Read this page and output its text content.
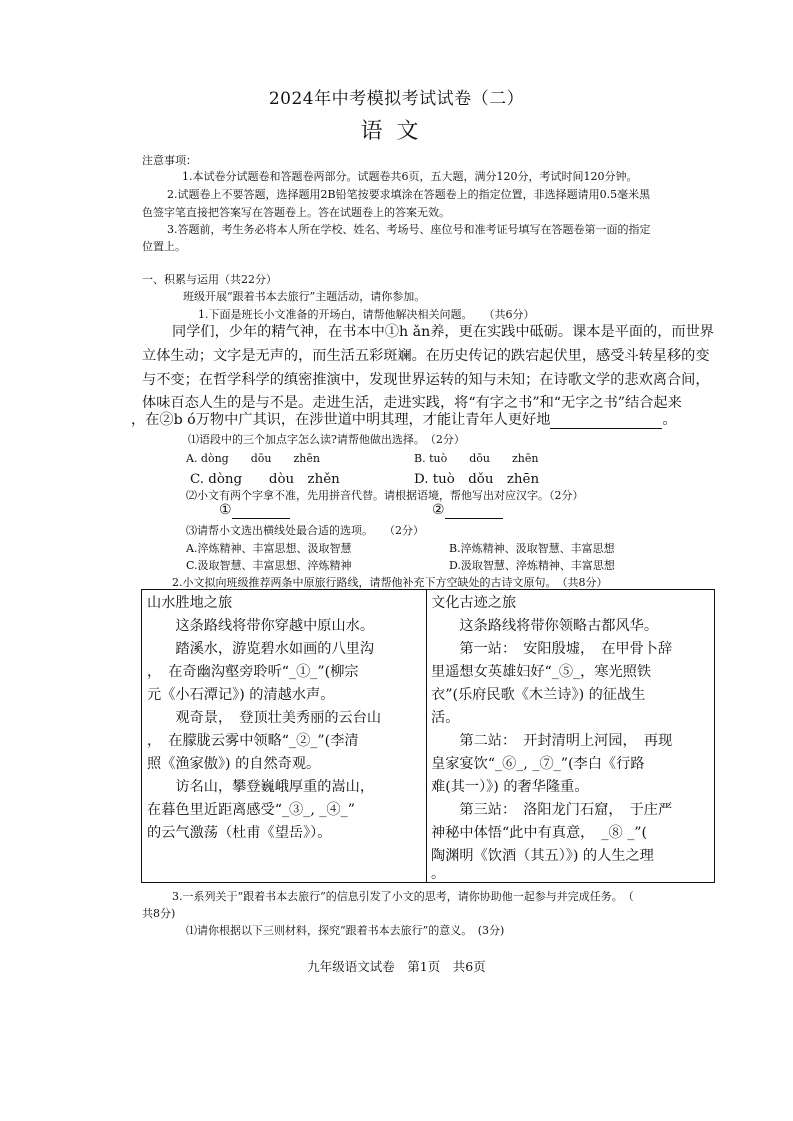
2024年中考模拟考试试卷（二）
语文
注意事项：
1.本试卷分试题卷和答题卷两部分。试题卷共6页，五大题，满分120分，考试时间120分钟。
2.试题卷上不要答题，选择题用2B铅笔按要求填涂在答题卷上的指定位置，非选择题请用0.5毫米黑
色签字笔直接把答案写在答题卷上。答在试题卷上的答案无效。
3.答题前，考生务必将本人所在学校、姓名、考场号、座位号和准考证号填写在答题卷第一面的指定
位置上。
一、积累与运用（共22分）
班级开展“跟着书本去旅行”主题活动，请你参加。
1.下面是班长小文准备的开场白，请帮他解决相关问题。　　（共6分）
同学们，少年的精气神，在书本中①h ǎn养，更在实践中砥砺。课本是平面的，而世界
立体生动；文字是无声的，而生活五彩斑斓。在历史传记的跌宕起伏里，感受斗转星移的变
与不变；在哲学科学的缜密推演中，发现世界运转的知与未知；在诗歌文学的悲欢离合间，
体味百态人生的是与不是。走进生活，走进实践，将“有字之书”和“无字之书”结合起来
，在②b ó万物中广其识，在涉世道中明其理，才能让青年人更好地	。
⑴语段中的三个加点字怎么读?请帮他做出选择。　（2分）
A. dòng　　dōu　　zhēn	B. tuò　　dōu　　zhēn
C. dòng　　dòu　zhěn	D. tuò　dǒu　zhēn
⑵小文有两个字拿不准，先用拼音代替。请根据语境，帮他写出对应汉字。（2分）
①	②
⑶请帮小文选出横线处最合适的选项。　　（2分）
A.淬炼精神、丰富思想、汲取智慧	B.淬炼精神、汲取智慧、丰富思想
C.汲取智慧、丰富思想、淬炼精神	D.汲取智慧、淬炼精神、丰富思想
2.小文拟向班级推荐两条中原旅行路线，请帮他补充下方空缺处的古诗文原句。　（共8分）
山水胜地之旅
　　这条路线将带你穿越中原山水。
　　踏溪水，游览碧水如画的八里沟
，　在奇幽沟壑旁聆听“_①_”(柳宗
元《小石潭记》) 的清越水声。
　　观奇景，　登顶壮美秀丽的云台山
，　在朦胧云雾中领略“_②_”(李清
照《渔家傲》) 的自然奇观。
　　访名山，攀登巍峨厚重的嵩山，
在暮色里近距离感受“_③_, _④_”
的云气激荡（杜甫《望岳》）。
文化古迹之旅
　　这条路线将带你领略古都风华。
　　第一站：　安阳殷墟，　在甲骨卜辞
里遥想女英雄妇好“_⑤_，寒光照铁
衣”(乐府民歌《木兰诗》) 的征战生
活。
　　第二站：　开封清明上河园，　再现
皇家宴饮“_⑥_, _⑦_”(李白《行路
难(其一）》) 的奢华隆重。
　　第三站：　洛阳龙门石窟，　于庄严
神秘中体悟“此中有真意，　_⑧ _”(
陶渊明《饮酒（其五）》) 的人生之理
。
3.一系列关于“跟着书本去旅行”的信息引发了小文的思考，请你协助他一起参与并完成任务。　（
共8分)
⑴请你根据以下三则材料，探究“跟着书本去旅行”的意义。　(3分)
九年级语文试卷　第1页　共6页
